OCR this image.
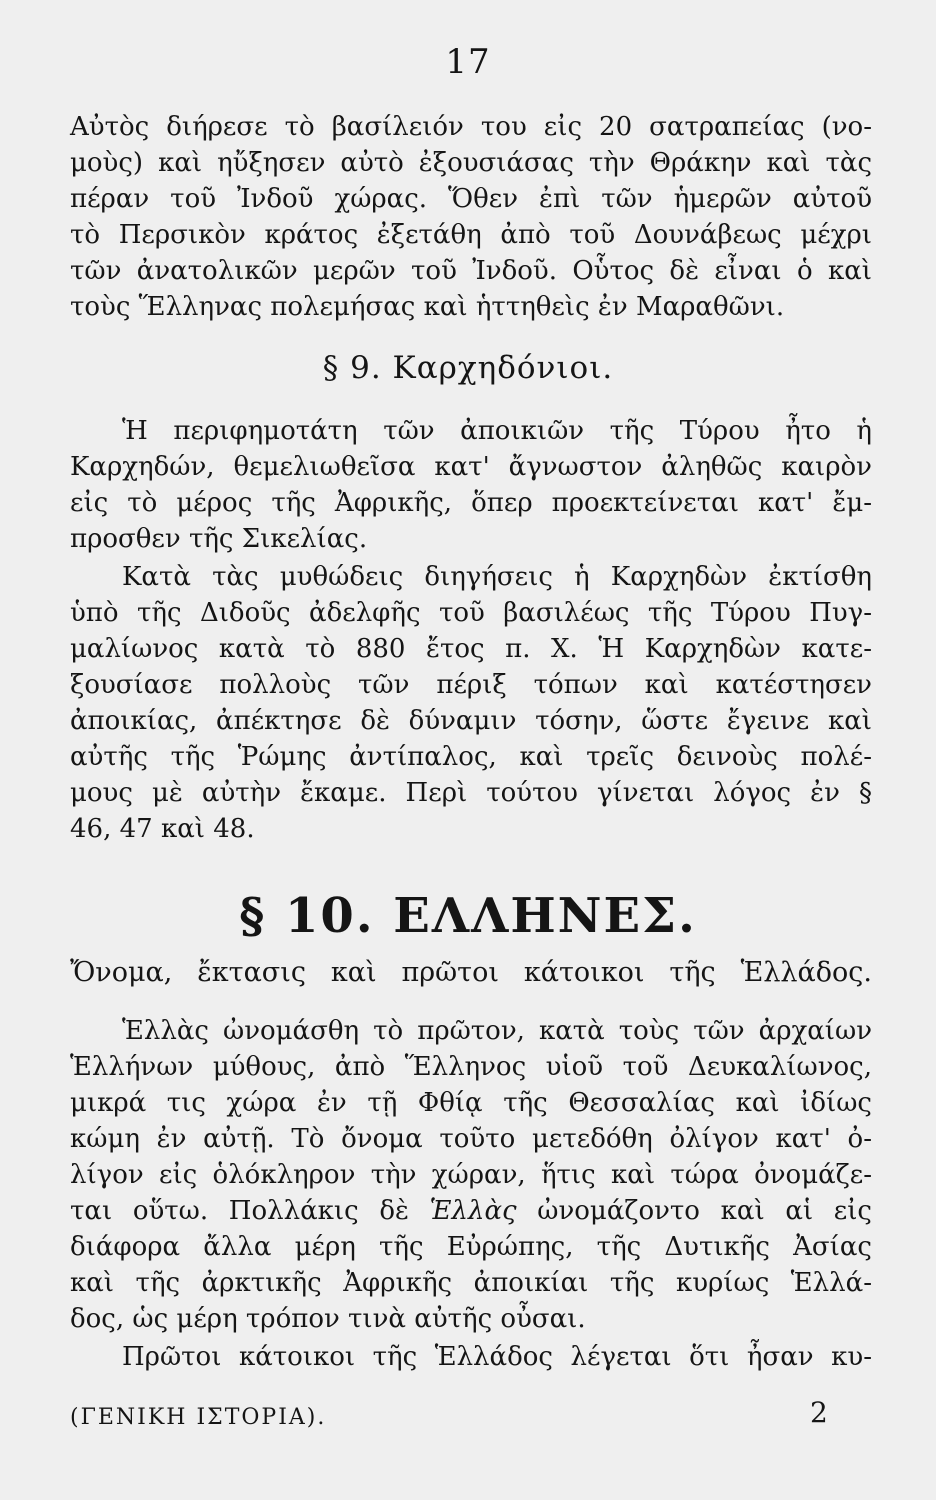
17
Αὐτὸς διήρεσε τὸ βασίλειόν του εἰς 20 σατραπείας (νο-
μοὺς) καὶ ηὔξησεν αὐτὸ ἐξουσιάσας τὴν Θράκην καὶ τὰς
πέραν τοῦ Ἰνδοῦ χώρας. Ὅθεν ἐπὶ τῶν ἡμερῶν αὐτοῦ
τὸ Περσικὸν κράτος ἐξετάθη ἀπὸ τοῦ Δουνάβεως μέχρι
τῶν ἀνατολικῶν μερῶν τοῦ Ἰνδοῦ. Οὗτος δὲ εἶναι ὁ καὶ
τοὺς Ἕλληνας πολεμήσας καὶ ἡττηθεὶς ἐν Μαραθῶνι.
§ 9. Καρχηδόνιοι.
Ἡ περιφημοτάτη τῶν ἀποικιῶν τῆς Τύρου ἦτο ἡ
Καρχηδών, θεμελιωθεῖσα κατ' ἄγνωστον ἀληθῶς καιρὸν
εἰς τὸ μέρος τῆς Ἀφρικῆς, ὅπερ προεκτείνεται κατ' ἔμ-
προσθεν τῆς Σικελίας.
Κατὰ τὰς μυθώδεις διηγήσεις ἡ Καρχηδὼν ἐκτίσθη
ὑπὸ τῆς Διδοῦς ἀδελφῆς τοῦ βασιλέως τῆς Τύρου Πυγ-
μαλίωνος κατὰ τὸ 880 ἔτος π. Χ. Ἡ Καρχηδὼν κατε-
ξουσίασε πολλοὺς τῶν πέριξ τόπων καὶ κατέστησεν
ἀποικίας, ἀπέκτησε δὲ δύναμιν τόσην, ὥστε ἔγεινε καὶ
αὐτῆς τῆς Ῥώμης ἀντίπαλος, καὶ τρεῖς δεινοὺς πολέ-
μους μὲ αὐτὴν ἔκαμε. Περὶ τούτου γίνεται λόγος ἐν §
46, 47 καὶ 48.
§ 10. ΕΛΛΗΝΕΣ.
Ὄνομα, ἔκτασις καὶ πρῶτοι κάτοικοι τῆς Ἑλλάδος.
Ἑλλὰς ὠνομάσθη τὸ πρῶτον, κατὰ τοὺς τῶν ἀρχαίων
Ἑλλήνων μύθους, ἀπὸ Ἕλληνος υἱοῦ τοῦ Δευκαλίωνος,
μικρά τις χώρα ἐν τῇ Φθίᾳ τῆς Θεσσαλίας καὶ ἰδίως
κώμη ἐν αὐτῇ. Τὸ ὄνομα τοῦτο μετεδόθη ὀλίγον κατ' ὀ-
λίγον εἰς ὁλόκληρον τὴν χώραν, ἥτις καὶ τώρα ὀνομάζε-
ται οὕτω. Πολλάκις δὲ Ἑλλὰς ὠνομάζοντο καὶ αἱ εἰς
διάφορα ἄλλα μέρη τῆς Εὐρώπης, τῆς Δυτικῆς Ἀσίας
καὶ τῆς ἀρκτικῆς Ἀφρικῆς ἀποικίαι τῆς κυρίως Ἑλλά-
δος, ὡς μέρη τρόπον τινὰ αὐτῆς οὖσαι.
Πρῶτοι κάτοικοι τῆς Ἑλλάδος λέγεται ὅτι ἦσαν κυ-
(ΓΕΝΙΚΗ ΙΣΤΟΡΙΑ).	2
